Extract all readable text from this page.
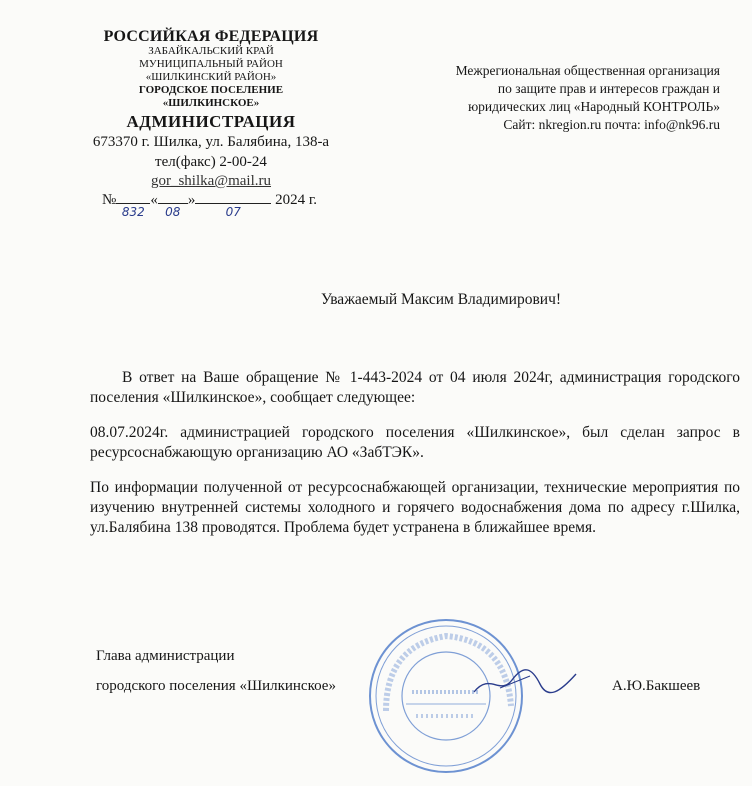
РОССИЙКАЯ ФЕДЕРАЦИЯ
ЗАБАЙКАЛЬСКИЙ КРАЙ
МУНИЦИПАЛЬНЫЙ РАЙОН
«ШИЛКИНСКИЙ РАЙОН»
ГОРОДСКОЕ ПОСЕЛЕНИЕ
«ШИЛКИНСКОЕ»
АДМИНИСТРАЦИЯ
673370 г. Шилка, ул. Балябина, 138-а
тел(факс) 2-00-24
gor_shilka@mail.ru
№
832
«
08
»
07
2024 г.
Межрегиональная общественная организация по защите прав и интересов граждан и юридических лиц «Народный КОНТРОЛЬ» Сайт: nkregion.ru почта: info@nk96.ru
Уважаемый Максим Владимирович!
В ответ на Ваше обращение № 1-443-2024 от 04 июля 2024г, администрация городского поселения «Шилкинское», сообщает следующее:
08.07.2024г. администрацией городского поселения «Шилкинское», был сделан запрос в ресурсоснабжающую организацию АО «ЗабТЭК».
По информации полученной от ресурсоснабжающей организации, технические мероприятия по изучению внутренней системы холодного и горячего водоснабжения дома по адресу г.Шилка, ул.Балябина 138 проводятся. Проблема будет устранена в ближайшее время.
Глава администрации
городского поселения «Шилкинское»	А.Ю.Бакшеев
